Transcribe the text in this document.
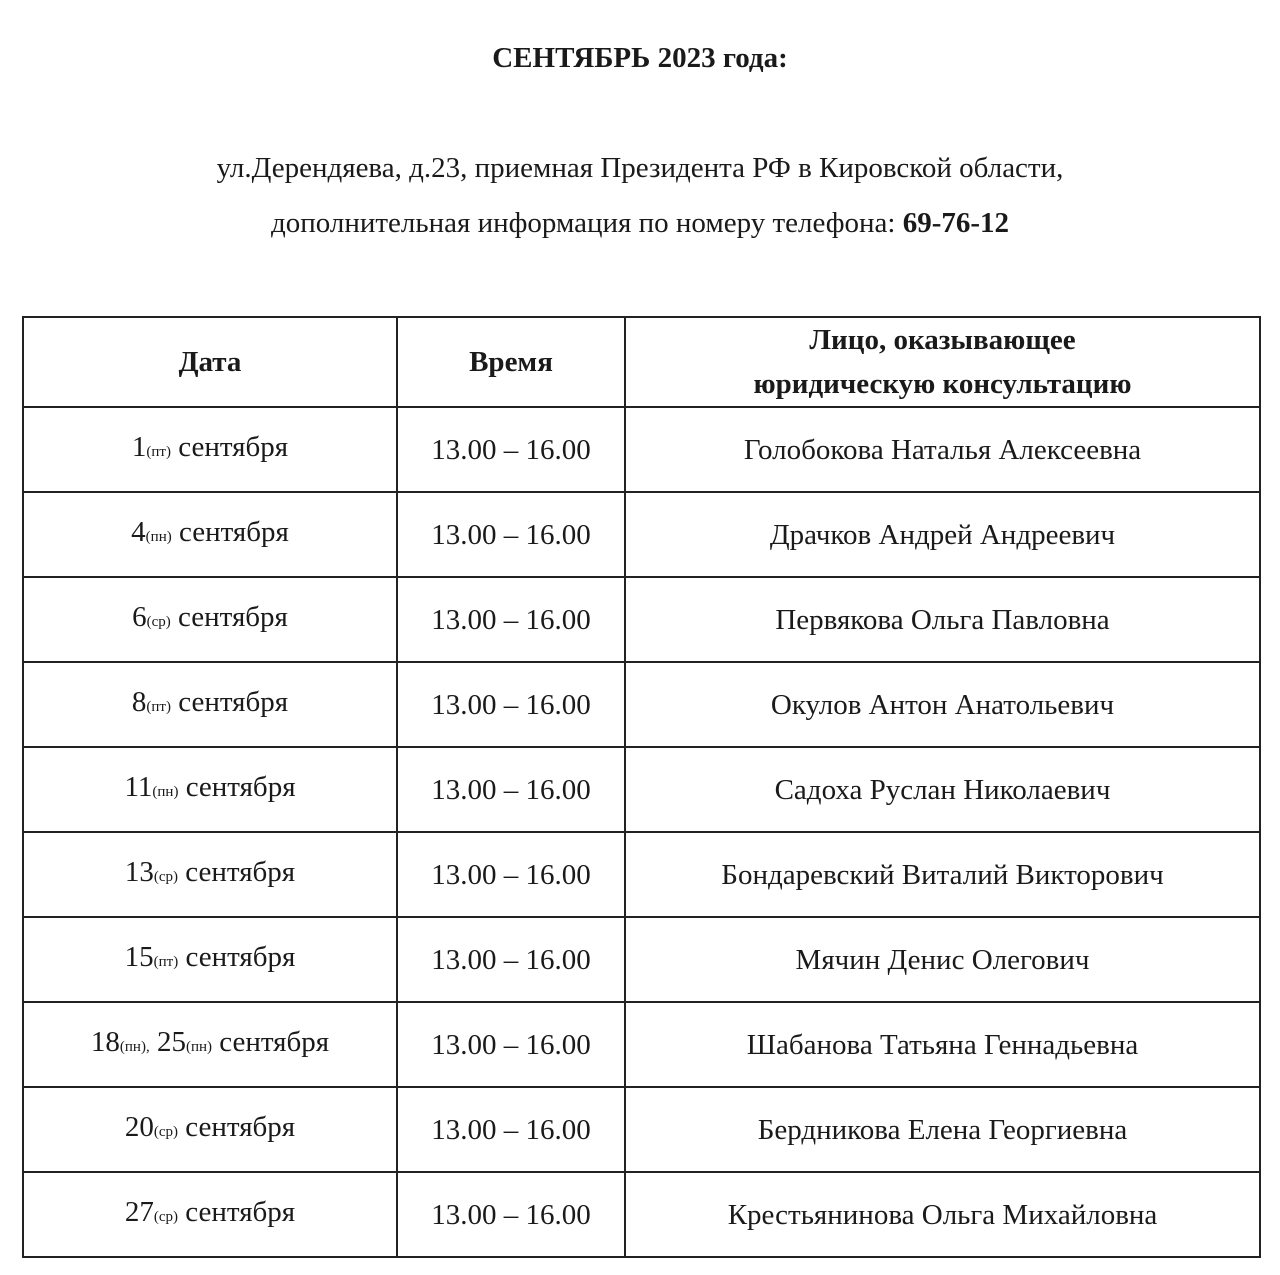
СЕНТЯБРЬ 2023 года:
ул.Дерендяева, д.23, приемная Президента РФ в Кировской области,
дополнительная информация по номеру телефона: 69-76-12
Дата	Время	Лицо, оказывающее
юридическую консультацию
1(пт) сентября	13.00 – 16.00	Голобокова Наталья Алексеевна
4(пн) сентября	13.00 – 16.00	Драчков Андрей Андреевич
6(ср) сентября	13.00 – 16.00	Первякова Ольга Павловна
8(пт) сентября	13.00 – 16.00	Окулов Антон Анатольевич
11(пн) сентября	13.00 – 16.00	Садоха Руслан Николаевич
13(ср) сентября	13.00 – 16.00	Бондаревский Виталий Викторович
15(пт) сентября	13.00 – 16.00	Мячин Денис Олегович
18(пн), 25(пн) сентября	13.00 – 16.00	Шабанова Татьяна Геннадьевна
20(ср) сентября	13.00 – 16.00	Бердникова Елена Георгиевна
27(ср) сентября	13.00 – 16.00	Крестьянинова Ольга Михайловна
